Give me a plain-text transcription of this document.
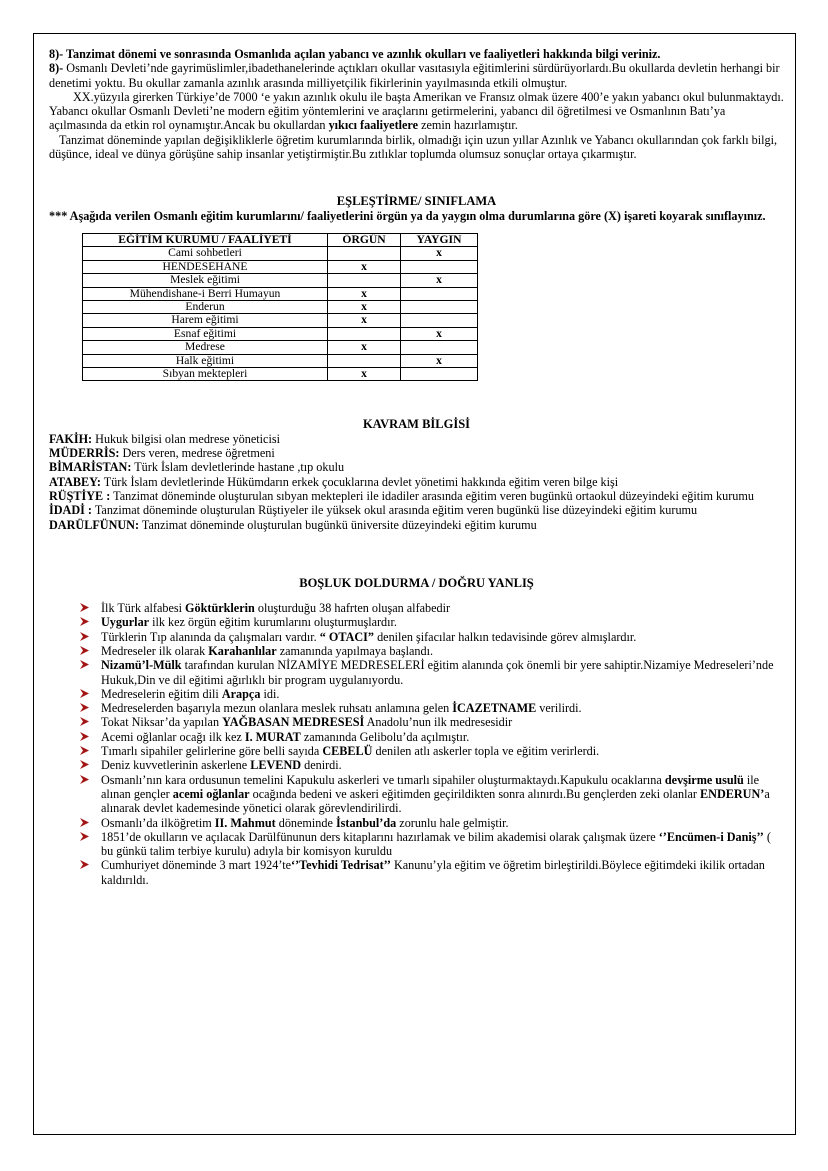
8)- Tanzimat dönemi ve sonrasında Osmanlıda açılan yabancı ve azınlık okulları ve faaliyetleri hakkında bilgi veriniz.

8)- Osmanlı Devleti’nde gayrimüslimler,ibadethanelerinde açtıkları okullar vasıtasıyla eğitimlerini sürdürüyorlardı.Bu okullarda devletin herhangi bir denetimi yoktu. Bu okullar zamanla azınlık arasında milliyetçilik fikirlerinin yayılmasında etkili olmuştur.

XX.yüzyıla girerken Türkiye’de 7000 ‘e yakın azınlık okulu ile başta Amerikan ve Fransız olmak üzere 400’e yakın yabancı okul bulunmaktaydı. Yabancı okullar Osmanlı Devleti’ne modern eğitim yöntemlerini ve araçlarını getirmelerini, yabancı dil öğretilmesi ve Osmanlının Batı’ya açılmasında da etkin rol oynamıştır.Ancak bu okullardan yıkıcı faaliyetlere zemin hazırlamıştır.

Tanzimat döneminde yapılan değişikliklerle öğretim kurumlarında birlik, olmadığı için uzun yıllar Azınlık ve Yabancı okullarından çok farklı bilgi, düşünce, ideal ve dünya görüşüne sahip insanlar yetiştirmiştir.Bu zıtlıklar toplumda olumsuz sonuçlar ortaya çıkarmıştır.

EŞLEŞTİRME/ SINIFLAMA

*** Aşağıda verilen Osmanlı eğitim kurumlarını/ faaliyetlerini örgün ya da yaygın olma durumlarına göre (X) işareti koyarak sınıflayınız.

EĞİTİM KURUMU / FAALİYETİ	ÖRGÜN	YAYGIN
Cami sohbetleri		x
HENDESEHANE	x	
Meslek eğitimi		x
Mühendishane-i Berri Humayun	x	
Enderun	x	
Harem eğitimi	x	
Esnaf eğitimi		x
Medrese	x	
Halk eğitimi		x
Sıbyan mektepleri	x	

KAVRAM BİLGİSİ

FAKİH: Hukuk bilgisi olan medrese yöneticisi

MÜDERRİS: Ders veren, medrese öğretmeni

BİMARİSTAN: Türk İslam devletlerinde hastane ,tıp okulu

ATABEY: Türk İslam devletlerinde Hükümdarın erkek çocuklarına devlet yönetimi hakkında eğitim veren bilge kişi

RÜŞTİYE : Tanzimat döneminde oluşturulan sıbyan mektepleri ile idadiler arasında eğitim veren bugünkü ortaokul düzeyindeki eğitim kurumu

İDADİ : Tanzimat döneminde oluşturulan Rüştiyeler ile yüksek okul arasında eğitim veren bugünkü lise düzeyindeki eğitim kurumu

DARÜLFÜNUN: Tanzimat döneminde oluşturulan bugünkü üniversite düzeyindeki eğitim kurumu

BOŞLUK DOLDURMA / DOĞRU YANLIŞ

İlk Türk alfabesi Göktürklerin oluşturduğu 38 hafrten oluşan alfabedir
Uygurlar ilk kez örgün eğitim kurumlarını oluşturmuşlardır.
Türklerin Tıp alanında da çalışmaları vardır. “ OTACI” denilen şifacılar halkın tedavisinde görev almışlardır.
Medreseler ilk olarak Karahanlılar zamanında yapılmaya başlandı.
Nizamü’l-Mülk tarafından kurulan NİZAMİYE MEDRESELERİ eğitim alanında çok önemli bir yere sahiptir.Nizamiye Medreseleri’nde Hukuk,Din ve dil eğitimi ağırlıklı bir program uygulanıyordu.
Medreselerin eğitim dili Arapça idi.
Medreselerden başarıyla mezun olanlara meslek ruhsatı anlamına gelen İCAZETNAME verilirdi.
Tokat Niksar’da yapılan YAĞBASAN MEDRESESİ Anadolu’nun ilk medresesidir
Acemi oğlanlar ocağı ilk kez I. MURAT zamanında Gelibolu’da açılmıştır.
Tımarlı sipahiler gelirlerine göre belli sayıda CEBELÜ denilen atlı askerler topla ve eğitim verirlerdi.
Deniz kuvvetlerinin askerlene LEVEND denirdi.
Osmanlı’nın kara ordusunun temelini Kapukulu askerleri ve tımarlı sipahiler oluşturmaktaydı.Kapukulu ocaklarına devşirme usulü ile alınan gençler acemi oğlanlar ocağında bedeni ve askeri eğitimden geçirildikten sonra alınırdı.Bu gençlerden zeki olanlar ENDERUN’a alınarak devlet kademesinde yönetici olarak görevlendirilirdi.
Osmanlı’da ilköğretim II. Mahmut döneminde İstanbul’da zorunlu hale gelmiştir.
1851’de okulların ve açılacak Darülfünunun ders kitaplarını hazırlamak ve bilim akademisi olarak çalışmak üzere ‘’Encümen-i Daniş’’ ( bu günkü talim terbiye kurulu) adıyla bir komisyon kuruldu
Cumhuriyet döneminde 3 mart 1924’te‘’Tevhidi Tedrisat’’ Kanunu’yla eğitim ve öğretim birleştirildi.Böylece eğitimdeki ikilik ortadan kaldırıldı.
